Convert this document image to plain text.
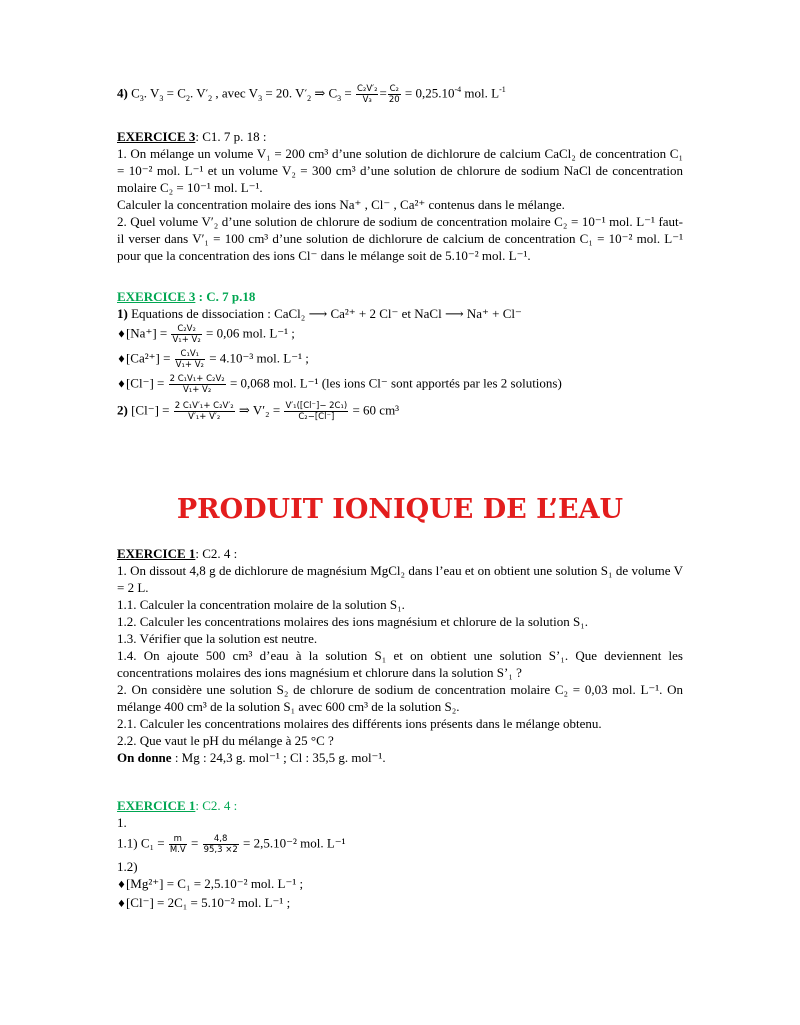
4) $C_3$. $V_3 = C_2$. $V'_2$ , avec $V_3 = 20$. $V'_2$ ⇒ $C_3 = \frac{\text{C₂V′₂}}{\text{V₃}} = \frac{\text{C₂}}{20} = 0,25.10^{-4}$ mol. $L^{-1}$

EXERCICE 3: C1. 7 p. 18 :

1. On mélange un volume V₁ = 200 cm³ d’une solution de dichlorure de calcium CaCl₂ de concentration C₁ = 10⁻² mol. L⁻¹ et un volume V₂ = 300 cm³ d’une solution de chlorure de sodium NaCl de concentration molaire C₂ = 10⁻¹ mol. L⁻¹.

Calculer la concentration molaire des ions Na⁺ , Cl⁻ , Ca²⁺ contenus dans le mélange.

2. Quel volume V′₂ d’une solution de chlorure de sodium de concentration molaire C₂ = 10⁻¹ mol. L⁻¹ faut-il verser dans V′₁ = 100 cm³ d’une solution de dichlorure de calcium de concentration C₁ = 10⁻² mol. L⁻¹ pour que la concentration des ions Cl⁻ dans le mélange soit de 5.10⁻² mol. L⁻¹.

EXERCICE 3 : C. 7 p.18

1) Equations de dissociation : CaCl₂ ⟶ Ca²⁺ + 2 Cl⁻ et NaCl ⟶ Na⁺ + Cl⁻

♦[Na⁺] = $\frac{\text{C₂V₂}}{\text{V₁+ V₂}} = 0,06$ mol. L⁻¹ ;

♦[Ca²⁺] = $\frac{\text{C₁V₁}}{\text{V₁+ V₂}} = 4.10^{-3}$ mol. L⁻¹ ;

♦[Cl⁻] = $\frac{\text{2 C₁V₁+ C₂V₂}}{\text{V₁+ V₂}} = 0,068$ mol. L⁻¹ (les ions Cl⁻ sont apportés par les 2 solutions)

2) $[Cl^-] = \frac{\text{2 C₁V′₁+ C₂V′₂}}{\text{V′₁+ V′₂}}$ ⇒ $V'_2 = \frac{\text{V′₁([Cl⁻]− 2C₁)}}{\text{C₂−[Cl⁻]}} = 60$ cm³

PRODUIT IONIQUE DE L’EAU

EXERCICE 1: C2. 4 :

1. On dissout 4,8 g de dichlorure de magnésium MgCl₂ dans l’eau et on obtient une solution S₁ de volume V = 2 L.

1.1. Calculer la concentration molaire de la solution S₁.

1.2. Calculer les concentrations molaires des ions magnésium et chlorure de la solution S₁.

1.3. Vérifier que la solution est neutre.

1.4. On ajoute 500 cm³ d’eau à la solution S₁ et on obtient une solution S’₁. Que deviennent les concentrations molaires des ions magnésium et chlorure dans la solution S’₁ ?

2. On considère une solution S₂ de chlorure de sodium de concentration molaire C₂ = 0,03 mol. L⁻¹. On mélange 400 cm³ de la solution S₁ avec 600 cm³ de la solution S₂.

2.1. Calculer les concentrations molaires des différents ions présents dans le mélange obtenu.

2.2. Que vaut le pH du mélange à 25 °C ?

On donne : Mg : 24,3 g. mol⁻¹ ; Cl : 35,5 g. mol⁻¹.

EXERCICE 1: C2. 4 :

1.

1.1) $C_1 = \frac{m}{M.V} = \frac{4,8}{95,3 \times 2} = 2,5.10^{-2}$ mol. L⁻¹

1.2)

♦[Mg²⁺] = C₁ = 2,5.10⁻² mol. L⁻¹ ;

♦[Cl⁻] = 2C₁ = 5.10⁻² mol. L⁻¹ ;
